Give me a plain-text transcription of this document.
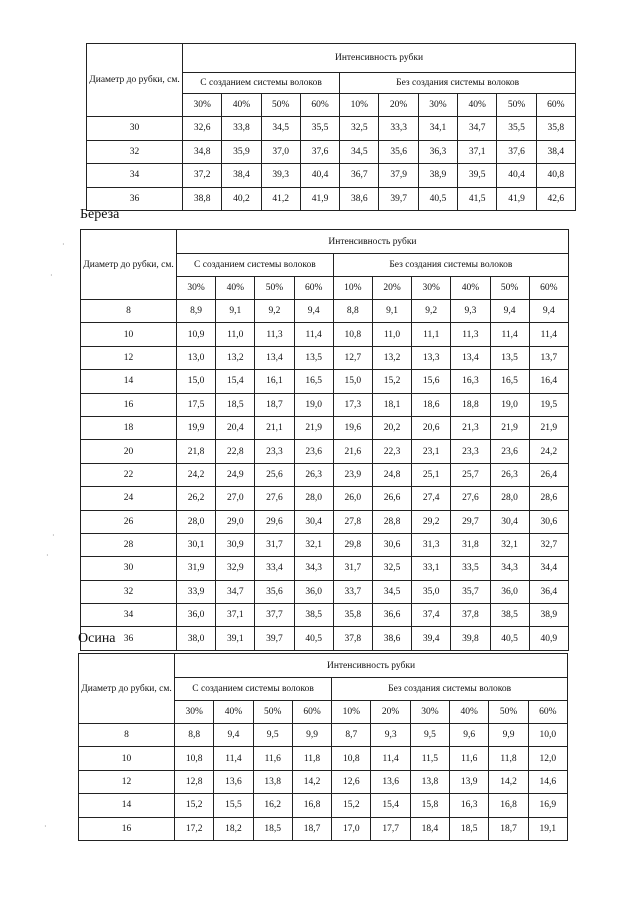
Диаметр до рубки, см.	Интенсивность рубки									
	С созданием системы волоков				Без создания системы волоков					
	30%	40%	50%	60%	10%	20%	30%	40%	50%	60%
30	32,6	33,8	34,5	35,5	32,5	33,3	34,1	34,7	35,5	35,8
32	34,8	35,9	37,0	37,6	34,5	35,6	36,3	37,1	37,6	38,4
34	37,2	38,4	39,3	40,4	36,7	37,9	38,9	39,5	40,4	40,8
36	38,8	40,2	41,2	41,9	38,6	39,7	40,5	41,5	41,9	42,6
Береза
Диаметр до рубки, см.	Интенсивность рубки									
	С созданием системы волоков				Без создания системы волоков					
	30%	40%	50%	60%	10%	20%	30%	40%	50%	60%
8	8,9	9,1	9,2	9,4	8,8	9,1	9,2	9,3	9,4	9,4
10	10,9	11,0	11,3	11,4	10,8	11,0	11,1	11,3	11,4	11,4
12	13,0	13,2	13,4	13,5	12,7	13,2	13,3	13,4	13,5	13,7
14	15,0	15,4	16,1	16,5	15,0	15,2	15,6	16,3	16,5	16,4
16	17,5	18,5	18,7	19,0	17,3	18,1	18,6	18,8	19,0	19,5
18	19,9	20,4	21,1	21,9	19,6	20,2	20,6	21,3	21,9	21,9
20	21,8	22,8	23,3	23,6	21,6	22,3	23,1	23,3	23,6	24,2
22	24,2	24,9	25,6	26,3	23,9	24,8	25,1	25,7	26,3	26,4
24	26,2	27,0	27,6	28,0	26,0	26,6	27,4	27,6	28,0	28,6
26	28,0	29,0	29,6	30,4	27,8	28,8	29,2	29,7	30,4	30,6
28	30,1	30,9	31,7	32,1	29,8	30,6	31,3	31,8	32,1	32,7
30	31,9	32,9	33,4	34,3	31,7	32,5	33,1	33,5	34,3	34,4
32	33,9	34,7	35,6	36,0	33,7	34,5	35,0	35,7	36,0	36,4
34	36,0	37,1	37,7	38,5	35,8	36,6	37,4	37,8	38,5	38,9
36	38,0	39,1	39,7	40,5	37,8	38,6	39,4	39,8	40,5	40,9
Осина
Диаметр до рубки, см.	Интенсивность рубки									
	С созданием системы волоков				Без создания системы волоков					
	30%	40%	50%	60%	10%	20%	30%	40%	50%	60%
8	8,8	9,4	9,5	9,9	8,7	9,3	9,5	9,6	9,9	10,0
10	10,8	11,4	11,6	11,8	10,8	11,4	11,5	11,6	11,8	12,0
12	12,8	13,6	13,8	14,2	12,6	13,6	13,8	13,9	14,2	14,6
14	15,2	15,5	16,2	16,8	15,2	15,4	15,8	16,3	16,8	16,9
16	17,2	18,2	18,5	18,7	17,0	17,7	18,4	18,5	18,7	19,1
·
·
·
·
·
